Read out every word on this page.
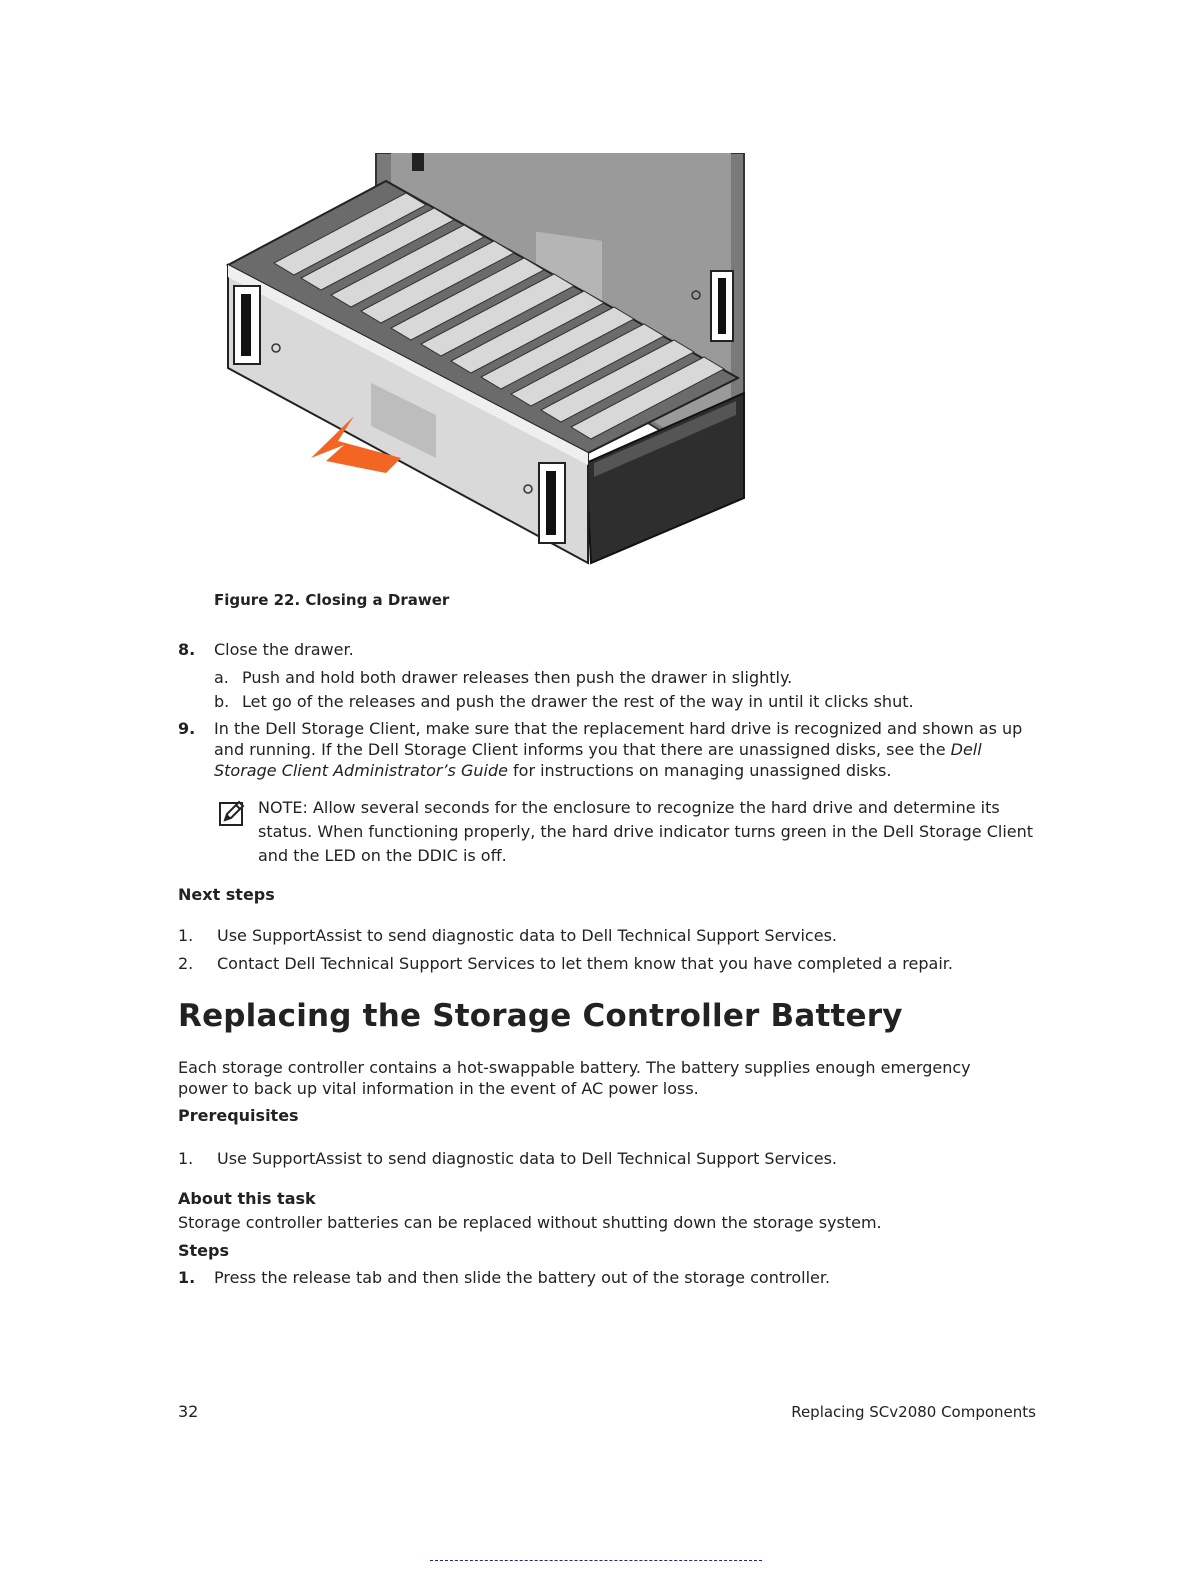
Figure 22. Closing a Drawer
8. Close the drawer.
a. Push and hold both drawer releases then push the drawer in slightly.
b. Let go of the releases and push the drawer the rest of the way in until it clicks shut.
9. In the Dell Storage Client, make sure that the replacement hard drive is recognized and shown as up and running. If the Dell Storage Client informs you that there are unassigned disks, see the Dell Storage Client Administrator’s Guide for instructions on managing unassigned disks.
NOTE: Allow several seconds for the enclosure to recognize the hard drive and determine its status. When functioning properly, the hard drive indicator turns green in the Dell Storage Client and the LED on the DDIC is off.
Next steps
1. Use SupportAssist to send diagnostic data to Dell Technical Support Services.
2. Contact Dell Technical Support Services to let them know that you have completed a repair.
Replacing the Storage Controller Battery
Each storage controller contains a hot-swappable battery. The battery supplies enough emergency power to back up vital information in the event of AC power loss.
Prerequisites
1. Use SupportAssist to send diagnostic data to Dell Technical Support Services.
About this task
Storage controller batteries can be replaced without shutting down the storage system.
Steps
1. Press the release tab and then slide the battery out of the storage controller.
32	Replacing SCv2080 Components
